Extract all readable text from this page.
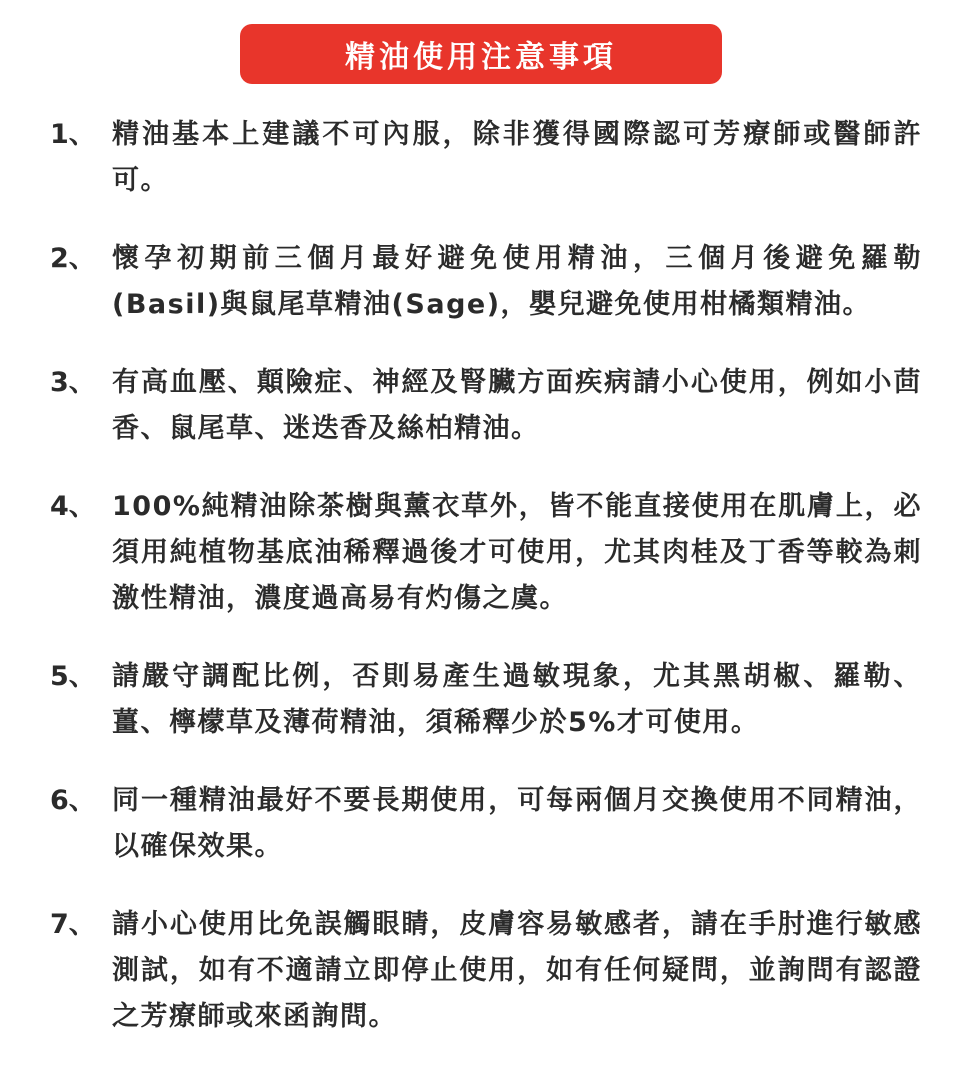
精油使用注意事項
1、 精油基本上建議不可內服，除非獲得國際認可芳療師或醫師許可。
2、 懷孕初期前三個月最好避免使用精油，三個月後避免羅勒(Basil)與鼠尾草精油(Sage)，嬰兒避免使用柑橘類精油。
3、 有高血壓、顛險症、神經及腎臟方面疾病請小心使用，例如小茴香、鼠尾草、迷迭香及絲柏精油。
4、 100%純精油除茶樹與薰衣草外，皆不能直接使用在肌膚上，必須用純植物基底油稀釋過後才可使用，尤其肉桂及丁香等較為刺激性精油，濃度過高易有灼傷之虞。
5、 請嚴守調配比例，否則易產生過敏現象，尤其黑胡椒、羅勒、薑、檸檬草及薄荷精油，須稀釋少於5%才可使用。
6、 同一種精油最好不要長期使用，可每兩個月交換使用不同精油，以確保效果。
7、 請小心使用比免誤觸眼睛，皮膚容易敏感者，請在手肘進行敏感測試，如有不適請立即停止使用，如有任何疑問，並詢問有認證之芳療師或來函詢問。
